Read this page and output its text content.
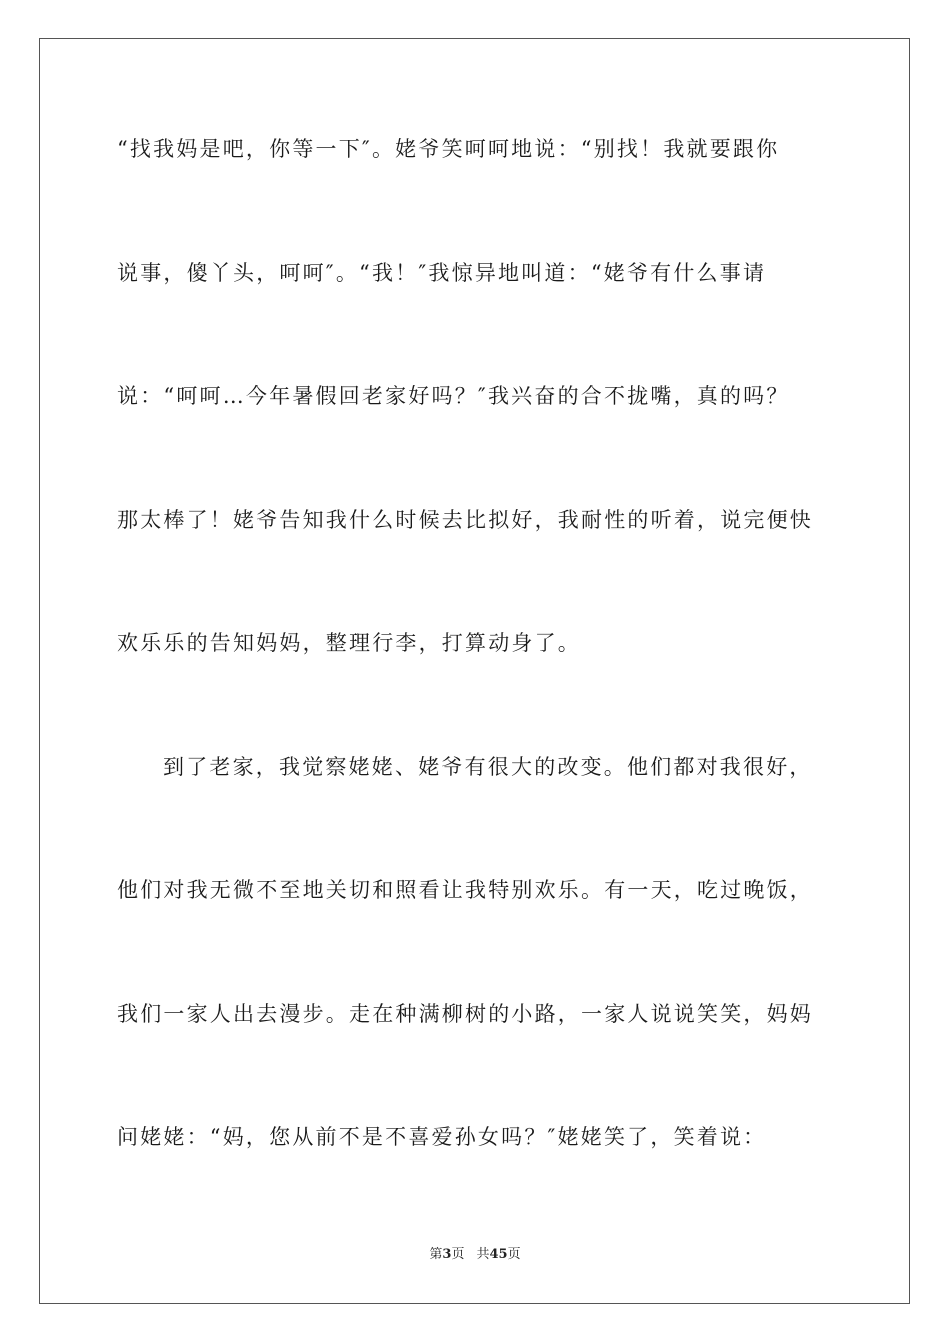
“找我妈是吧，你等一下″。姥爷笑呵呵地说：“别找！我就要跟你

说事，傻丫头，呵呵″。“我！″我惊异地叫道：“姥爷有什么事请

说：“呵呵…今年暑假回老家好吗？″我兴奋的合不拢嘴，真的吗？

那太棒了！姥爷告知我什么时候去比拟好，我耐性的听着，说完便快

欢乐乐的告知妈妈，整理行李，打算动身了。

到了老家，我觉察姥姥、姥爷有很大的改变。他们都对我很好，

他们对我无微不至地关切和照看让我特别欢乐。有一天，吃过晚饭，

我们一家人出去漫步。走在种满柳树的小路，一家人说说笑笑，妈妈

问姥姥：“妈，您从前不是不喜爱孙女吗？″姥姥笑了，笑着说：

第3页 共45页
